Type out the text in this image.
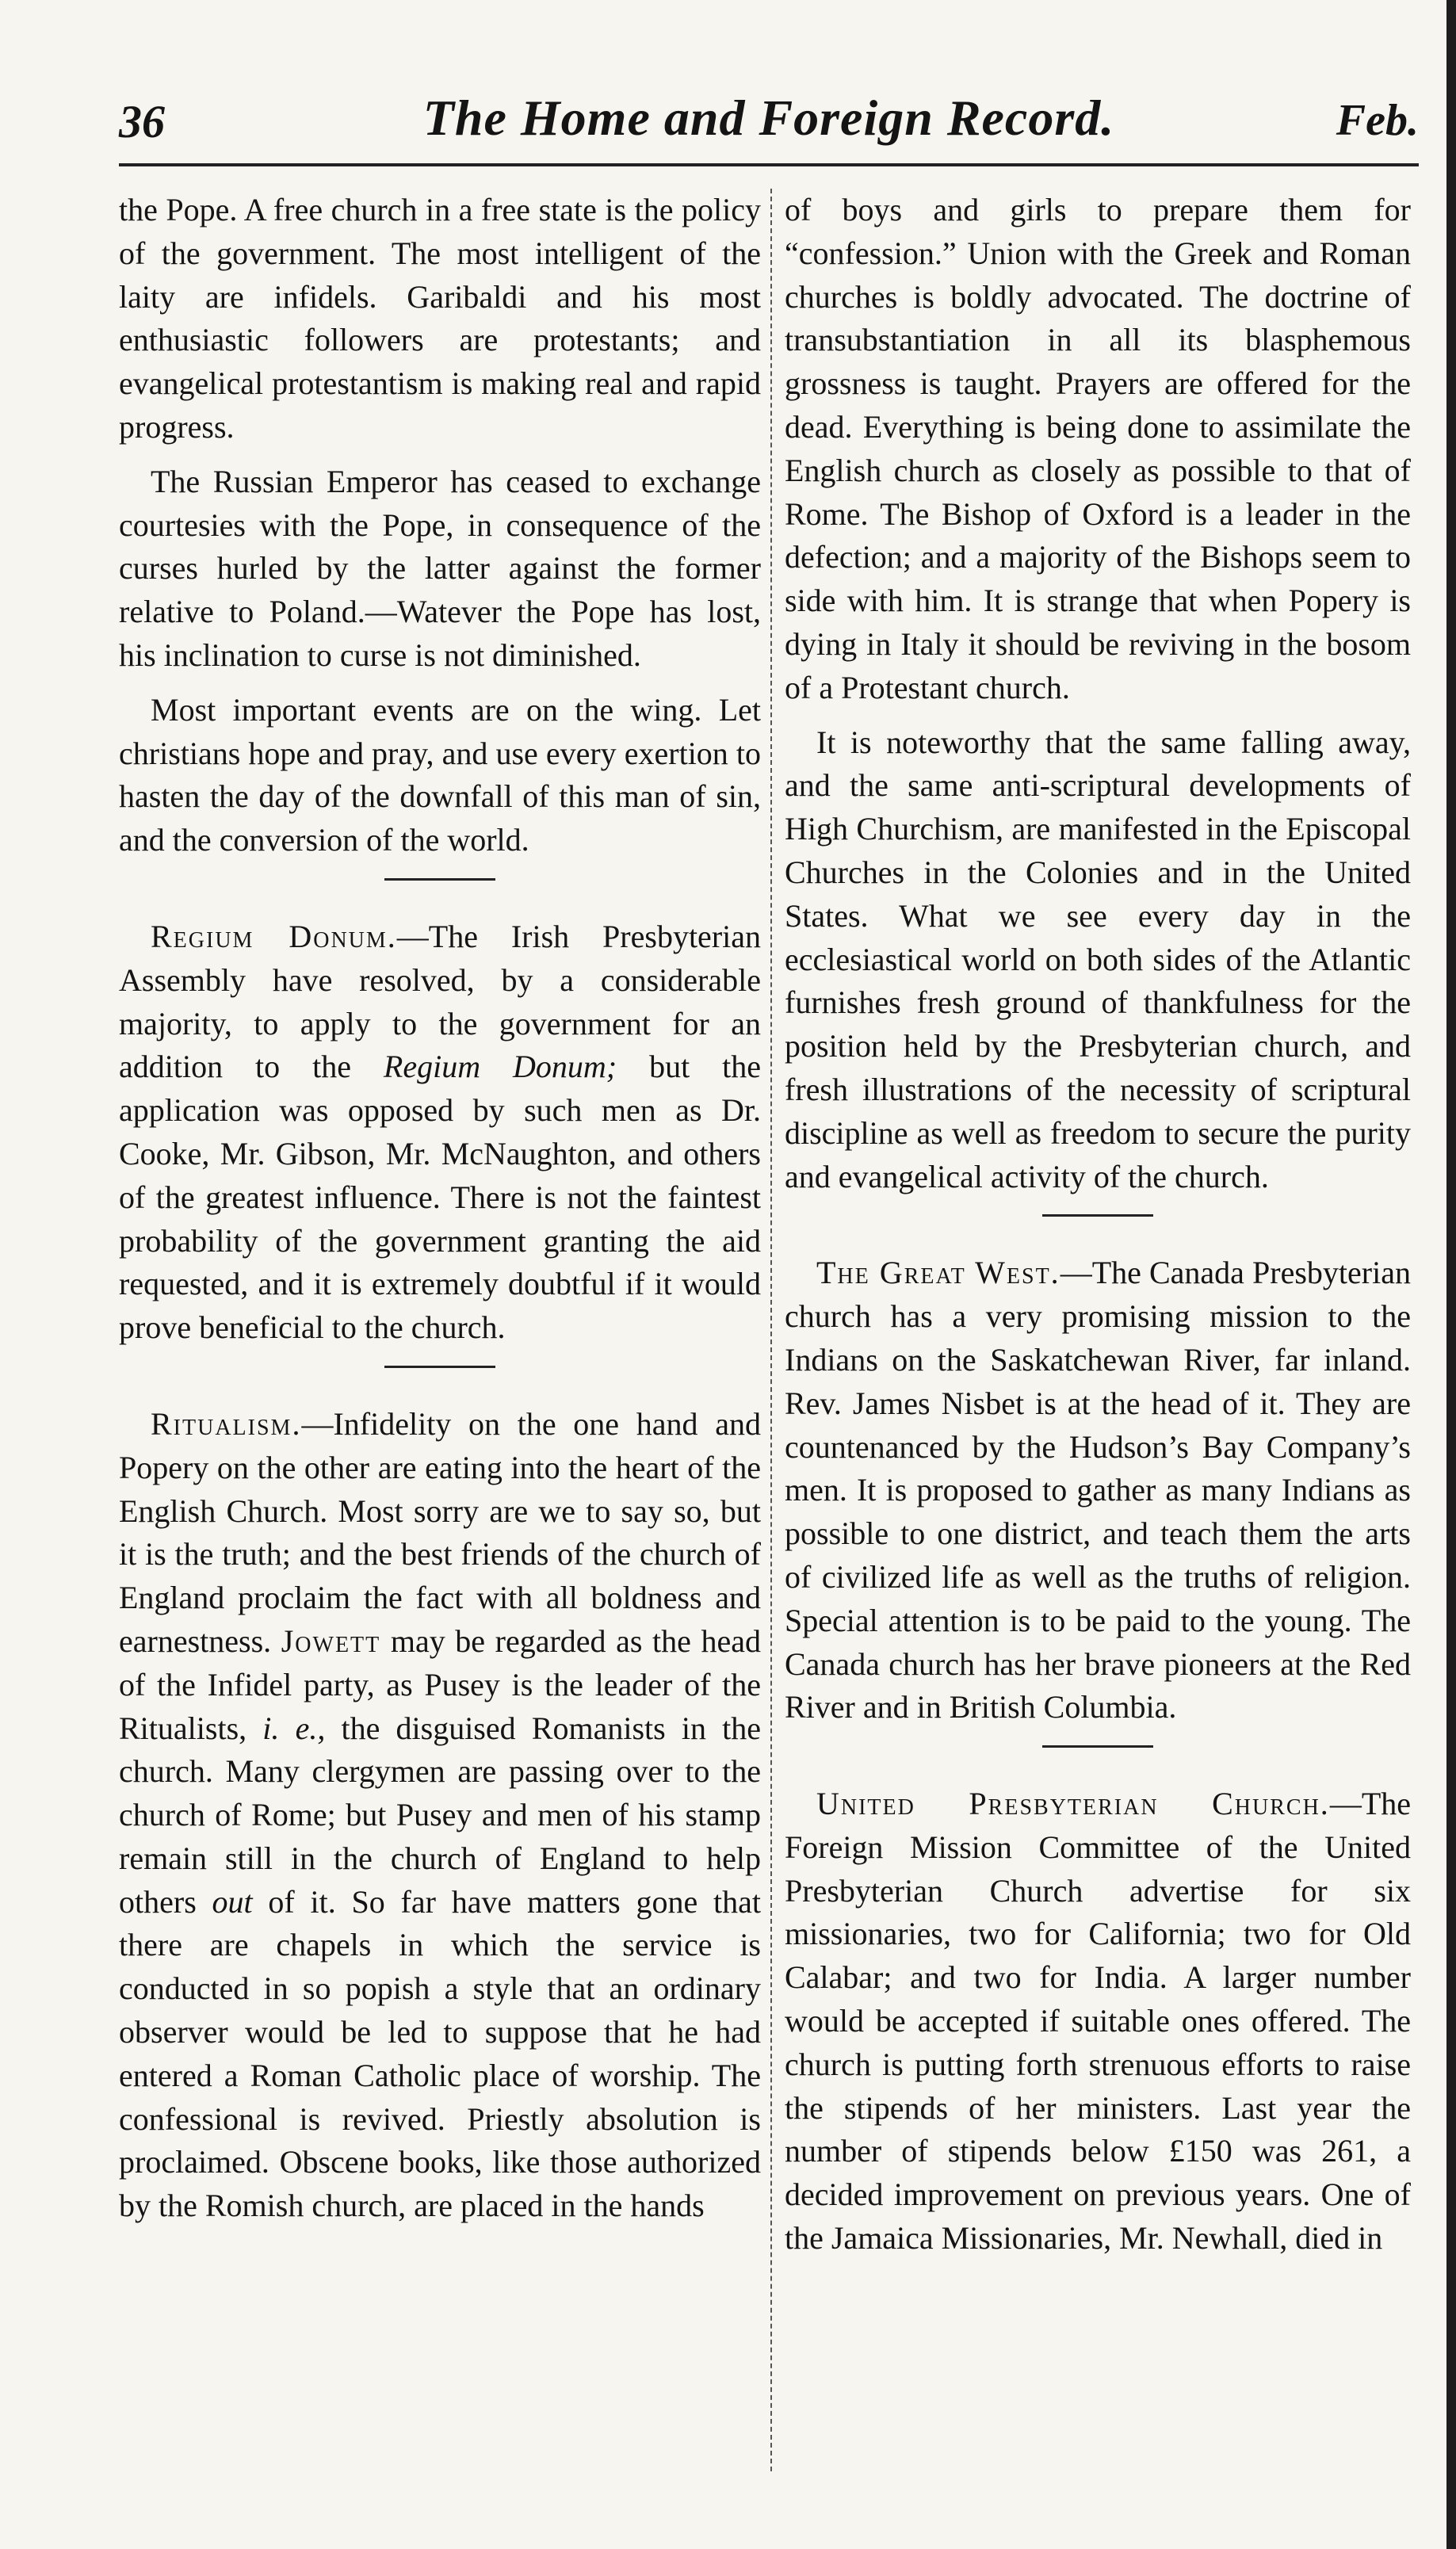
36	The Home and Foreign Record.	Feb.

the Pope. A free church in a free state is the policy of the government. The most intelligent of the laity are infidels. Garibaldi and his most enthusiastic followers are protestants; and evangelical protestantism is making real and rapid progress.

The Russian Emperor has ceased to exchange courtesies with the Pope, in consequence of the curses hurled by the latter against the former relative to Poland.—Watever the Pope has lost, his inclination to curse is not diminished.

Most important events are on the wing. Let christians hope and pray, and use every exertion to hasten the day of the downfall of this man of sin, and the conversion of the world.

Regium Donum.—The Irish Presbyterian Assembly have resolved, by a considerable majority, to apply to the government for an addition to the Regium Donum; but the application was opposed by such men as Dr. Cooke, Mr. Gibson, Mr. McNaughton, and others of the greatest influence. There is not the faintest probability of the government granting the aid requested, and it is extremely doubtful if it would prove beneficial to the church.

Ritualism.—Infidelity on the one hand and Popery on the other are eating into the heart of the English Church. Most sorry are we to say so, but it is the truth; and the best friends of the church of England proclaim the fact with all boldness and earnestness. Jowett may be regarded as the head of the Infidel party, as Pusey is the leader of the Ritualists, i. e., the disguised Romanists in the church. Many clergymen are passing over to the church of Rome; but Pusey and men of his stamp remain still in the church of England to help others out of it. So far have matters gone that there are chapels in which the service is conducted in so popish a style that an ordinary observer would be led to suppose that he had entered a Roman Catholic place of worship. The confessional is revived. Priestly absolution is proclaimed. Obscene books, like those authorized by the Romish church, are placed in the hands

of boys and girls to prepare them for “confession.” Union with the Greek and Roman churches is boldly advocated. The doctrine of transubstantiation in all its blasphemous grossness is taught. Prayers are offered for the dead. Everything is being done to assimilate the English church as closely as possible to that of Rome. The Bishop of Oxford is a leader in the defection; and a majority of the Bishops seem to side with him. It is strange that when Popery is dying in Italy it should be reviving in the bosom of a Protestant church.

It is noteworthy that the same falling away, and the same anti-scriptural developments of High Churchism, are manifested in the Episcopal Churches in the Colonies and in the United States. What we see every day in the ecclesiastical world on both sides of the Atlantic furnishes fresh ground of thankfulness for the position held by the Presbyterian church, and fresh illustrations of the necessity of scriptural discipline as well as freedom to secure the purity and evangelical activity of the church.

The Great West.—The Canada Presbyterian church has a very promising mission to the Indians on the Saskatchewan River, far inland. Rev. James Nisbet is at the head of it. They are countenanced by the Hudson’s Bay Company’s men. It is proposed to gather as many Indians as possible to one district, and teach them the arts of civilized life as well as the truths of religion. Special attention is to be paid to the young. The Canada church has her brave pioneers at the Red River and in British Columbia.

United Presbyterian Church.—The Foreign Mission Committee of the United Presbyterian Church advertise for six missionaries, two for California; two for Old Calabar; and two for India. A larger number would be accepted if suitable ones offered. The church is putting forth strenuous efforts to raise the stipends of her ministers. Last year the number of stipends below £150 was 261, a decided improvement on previous years. One of the Jamaica Missionaries, Mr. Newhall, died in
